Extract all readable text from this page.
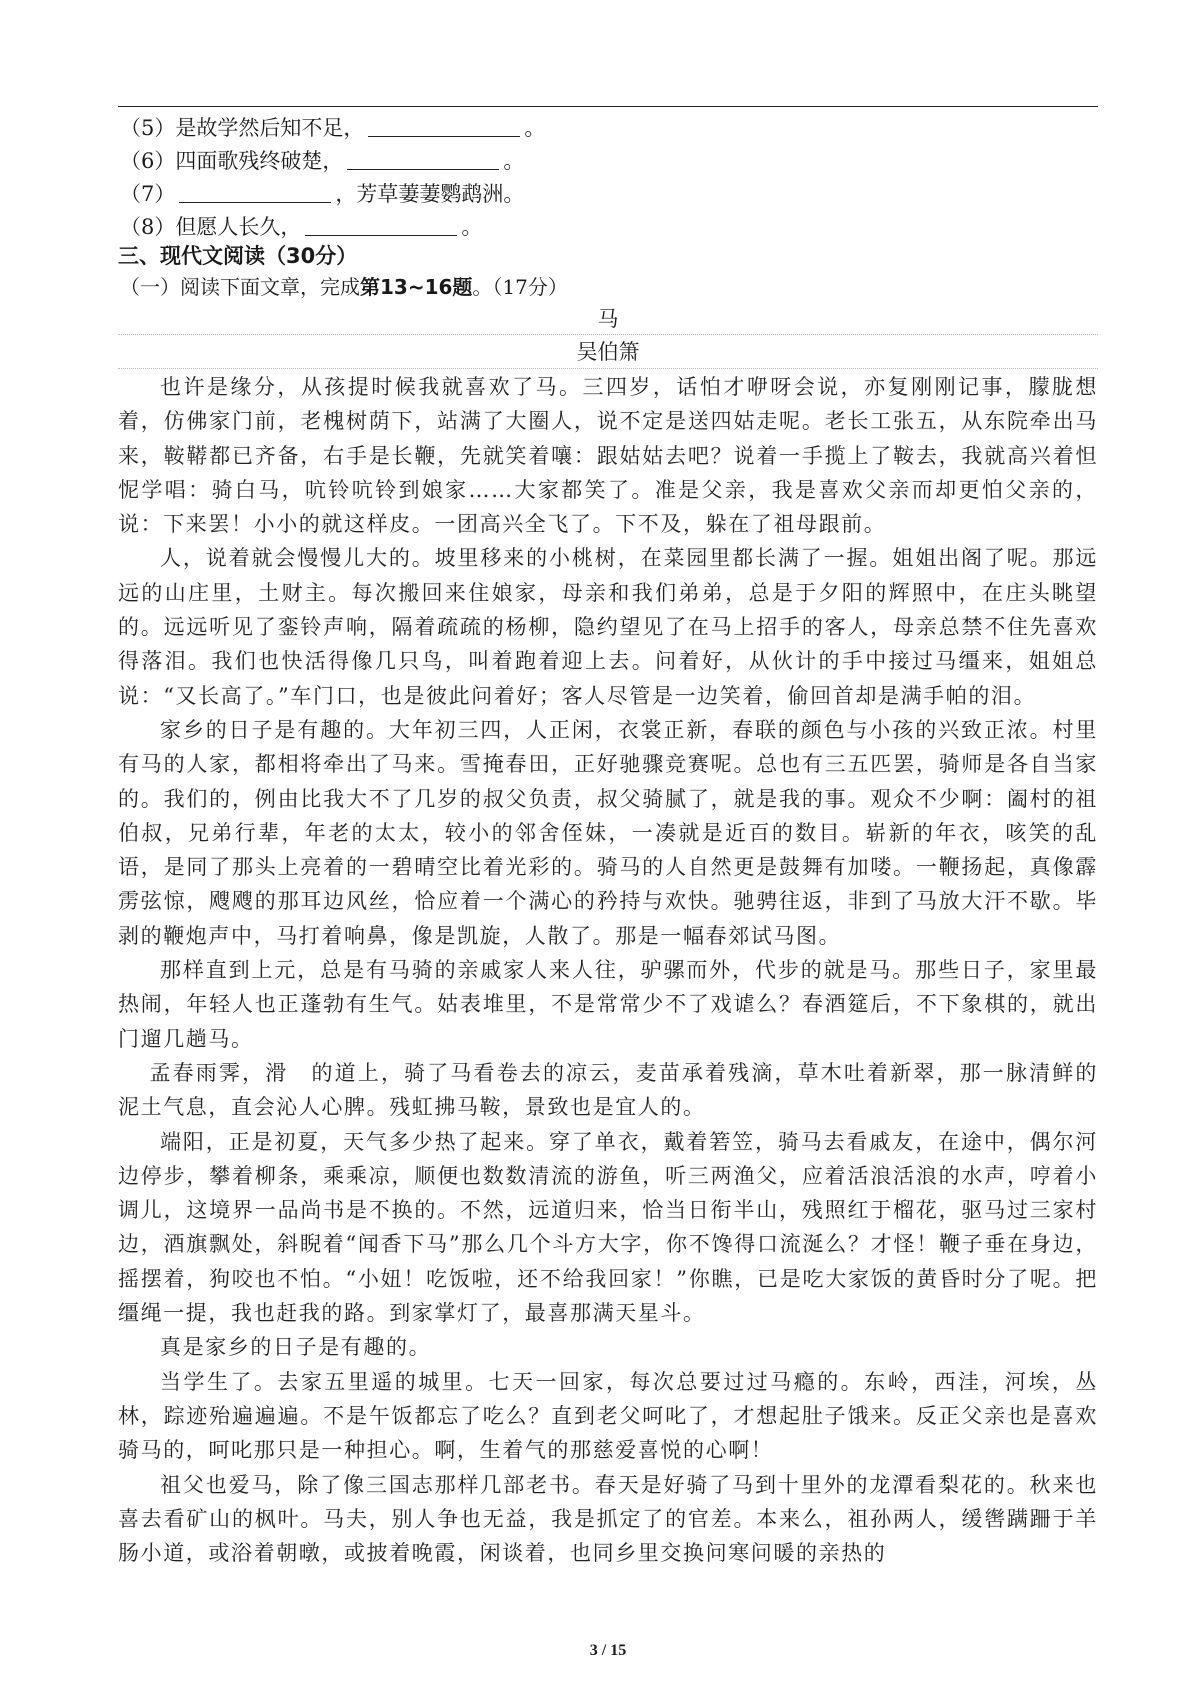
（5）是故学然后知不足，	。
（6）四面歌残终破楚，	。
（7）	，芳草萋萋鹦鹉洲。
（8）但愿人长久，	。
三、现代文阅读（30分）
（一）阅读下面文章，完成第13~16题。（17分）
马
吴伯箫

也许是缘分，从孩提时候我就喜欢了马。三四岁，话怕才咿呀会说，亦复刚刚记事，朦胧想着，仿佛家门前，老槐树荫下，站满了大圈人，说不定是送四姑走呢。老长工张五，从东院牵出马来，鞍鞯都已齐备，右手是长鞭，先就笑着嚷：跟姑姑去吧？说着一手揽上了鞍去，我就高兴着怛怩学唱：骑白马，吭铃吭铃到娘家……大家都笑了。准是父亲，我是喜欢父亲而却更怕父亲的，说：下来罢！小小的就这样皮。一团高兴全飞了。下不及，躲在了祖母跟前。

人，说着就会慢慢儿大的。坡里移来的小桃树，在菜园里都长满了一握。姐姐出阁了呢。那远远的山庄里，土财主。每次搬回来住娘家，母亲和我们弟弟，总是于夕阳的辉照中，在庄头眺望的。远远听见了銮铃声响，隔着疏疏的杨柳，隐约望见了在马上招手的客人，母亲总禁不住先喜欢得落泪。我们也快活得像几只鸟，叫着跑着迎上去。问着好，从伙计的手中接过马缰来，姐姐总说：“又长高了。”车门口，也是彼此问着好；客人尽管是一边笑着，偷回首却是满手帕的泪。

家乡的日子是有趣的。大年初三四，人正闲，衣裳正新，春联的颜色与小孩的兴致正浓。村里有马的人家，都相将牵出了马来。雪掩春田，正好驰骤竞赛呢。总也有三五匹罢，骑师是各自当家的。我们的，例由比我大不了几岁的叔父负责，叔父骑腻了，就是我的事。观众不少啊：阖村的祖伯叔，兄弟行辈，年老的太太，较小的邻舍侄妹，一凑就是近百的数目。崭新的年衣，咳笑的乱语，是同了那头上亮着的一碧晴空比着光彩的。骑马的人自然更是鼓舞有加喽。一鞭扬起，真像霹雳弦惊，飕飕的那耳边风丝，恰应着一个满心的矜持与欢快。驰骋往返，非到了马放大汗不歇。毕剥的鞭炮声中，马打着响鼻，像是凯旋，人散了。那是一幅春郊试马图。

那样直到上元，总是有马骑的亲戚家人来人往，驴骡而外，代步的就是马。那些日子，家里最热闹，年轻人也正蓬勃有生气。姑表堆里，不是常常少不了戏谑么？春酒筵后，不下象棋的，就出门遛几趟马。

孟春雨霁，滑　的道上，骑了马看卷去的凉云，麦苗承着残滴，草木吐着新翠，那一脉清鲜的泥土气息，直会沁人心脾。残虹拂马鞍，景致也是宜人的。

端阳，正是初夏，天气多少热了起来。穿了单衣，戴着箬笠，骑马去看戚友，在途中，偶尔河边停步，攀着柳条，乘乘凉，顺便也数数清流的游鱼，听三两渔父，应着活浪活浪的水声，哼着小调儿，这境界一品尚书是不换的。不然，远道归来，恰当日衔半山，残照红于榴花，驱马过三家村边，酒旗飘处，斜睨着“闻香下马”那么几个斗方大字，你不馋得口流涎么？才怪！鞭子垂在身边，摇摆着，狗咬也不怕。“小妞！吃饭啦，还不给我回家！”你瞧，已是吃大家饭的黄昏时分了呢。把缰绳一提，我也赶我的路。到家掌灯了，最喜那满天星斗。

真是家乡的日子是有趣的。

当学生了。去家五里遥的城里。七天一回家，每次总要过过马瘾的。东岭，西洼，河埃，丛林，踪迹殆遍遍遍。不是午饭都忘了吃么？直到老父呵叱了，才想起肚子饿来。反正父亲也是喜欢骑马的，呵叱那只是一种担心。啊，生着气的那慈爱喜悦的心啊！

祖父也爱马，除了像三国志那样几部老书。春天是好骑了马到十里外的龙潭看梨花的。秋来也喜去看矿山的枫叶。马夫，别人争也无益，我是抓定了的官差。本来么，祖孙两人，缓辔蹒跚于羊肠小道，或浴着朝暾，或披着晚霞，闲谈着，也同乡里交换问寒问暖的亲热的

3 / 15
